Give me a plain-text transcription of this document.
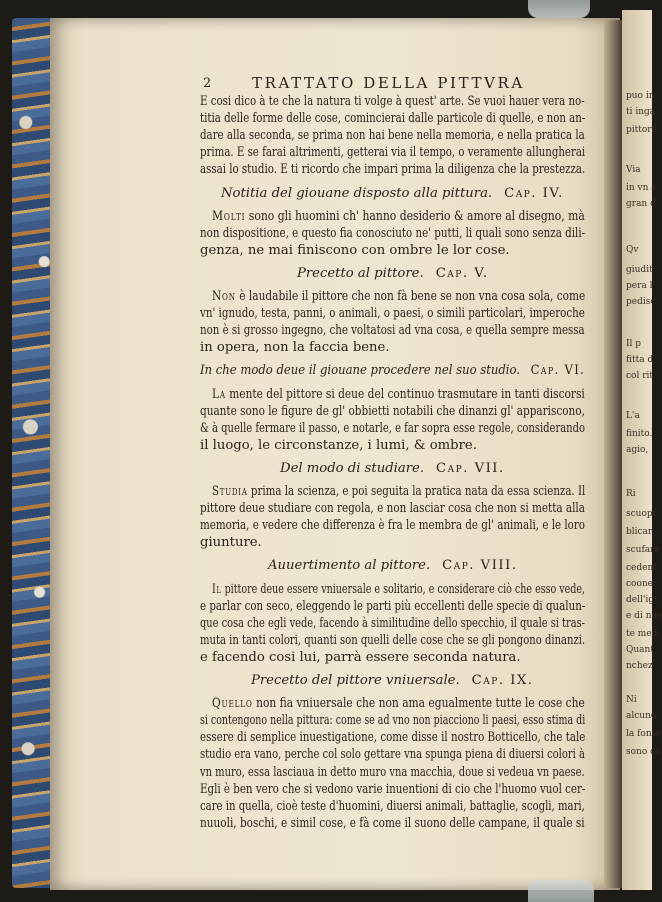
puo in
ti inga
pittore
Via
in vn s
gran d
Qv
giudit
pera l'
pedisc
Il p
fitta d
col rit
L'a
finito.
agio,
Ri
scuopr
blicar
scufare
cedent
coone
dell'ig
e di nos
te med
Quant
nchez
Ni
alcuno
la fonte
sono co
2	TRATTATO DELLA PITTVRA
E cosi dico à te che la natura ti volge à quest' arte. Se vuoi hauer vera no-
titia delle forme delle cose, comincierai dalle particole di quelle, e non an-
dare alla seconda, se prima non hai bene nella memoria, e nella pratica la
prima. E se farai altrimenti, getterai via il tempo, o veramente allungherai
assai lo studio. E ti ricordo che impari prima la diligenza che la prestezza.
Notitia del giouane disposto alla pittura. Cap. IV.
Molti sono gli huomini ch' hanno desiderio & amore al disegno, mà
non dispositione, e questo fia conosciuto ne' putti, li quali sono senza dili-
genza, ne mai finiscono con ombre le lor cose.
Precetto al pittore. Cap. V.
Non è laudabile il pittore che non fà bene se non vna cosa sola, come
vn' ignudo, testa, panni, o animali, o paesi, o simili particolari, imperoche
non è si grosso ingegno, che voltatosi ad vna cosa, e quella sempre messa
in opera, non la faccia bene.
In che modo deue il giouane procedere nel suo studio. Cap. VI.
La mente del pittore si deue del continuo trasmutare in tanti discorsi
quante sono le figure de gl' obbietti notabili che dinanzi gl' appariscono,
& à quelle fermare il passo, e notarle, e far sopra esse regole, considerando
il luogo, le circonstanze, i lumi, & ombre.
Del modo di studiare. Cap. VII.
Studia prima la scienza, e poi seguita la pratica nata da essa scienza. Il
pittore deue studiare con regola, e non lasciar cosa che non si metta alla
memoria, e vedere che differenza è fra le membra de gl' animali, e le loro
giunture.
Auuertimento al pittore. Cap. VIII.
Il pittore deue essere vniuersale e solitario, e considerare ciò che esso vede,
e parlar con seco, eleggendo le parti più eccellenti delle specie di qualun-
que cosa che egli vede, facendo à similitudine dello specchio, il quale si tras-
muta in tanti colori, quanti son quelli delle cose che se gli pongono dinanzi.
e facendo cosi lui, parrà essere seconda natura.
Precetto del pittore vniuersale. Cap. IX.
Quello non fia vniuersale che non ama egualmente tutte le cose che
si contengono nella pittura: come se ad vno non piacciono li paesi, esso stima di
essere di semplice inuestigatione, come disse il nostro Botticello, che tale
studio era vano, perche col solo gettare vna spunga piena di diuersi colori à
vn muro, essa lasciaua in detto muro vna macchia, doue si vedeua vn paese.
Egli è ben vero che si vedono varie inuentioni di cio che l'huomo vuol cer-
care in quella, cioè teste d'huomini, diuersi animali, battaglie, scogli, mari,
nuuoli, boschi, e simil cose, e fà come il suono delle campane, il quale si
